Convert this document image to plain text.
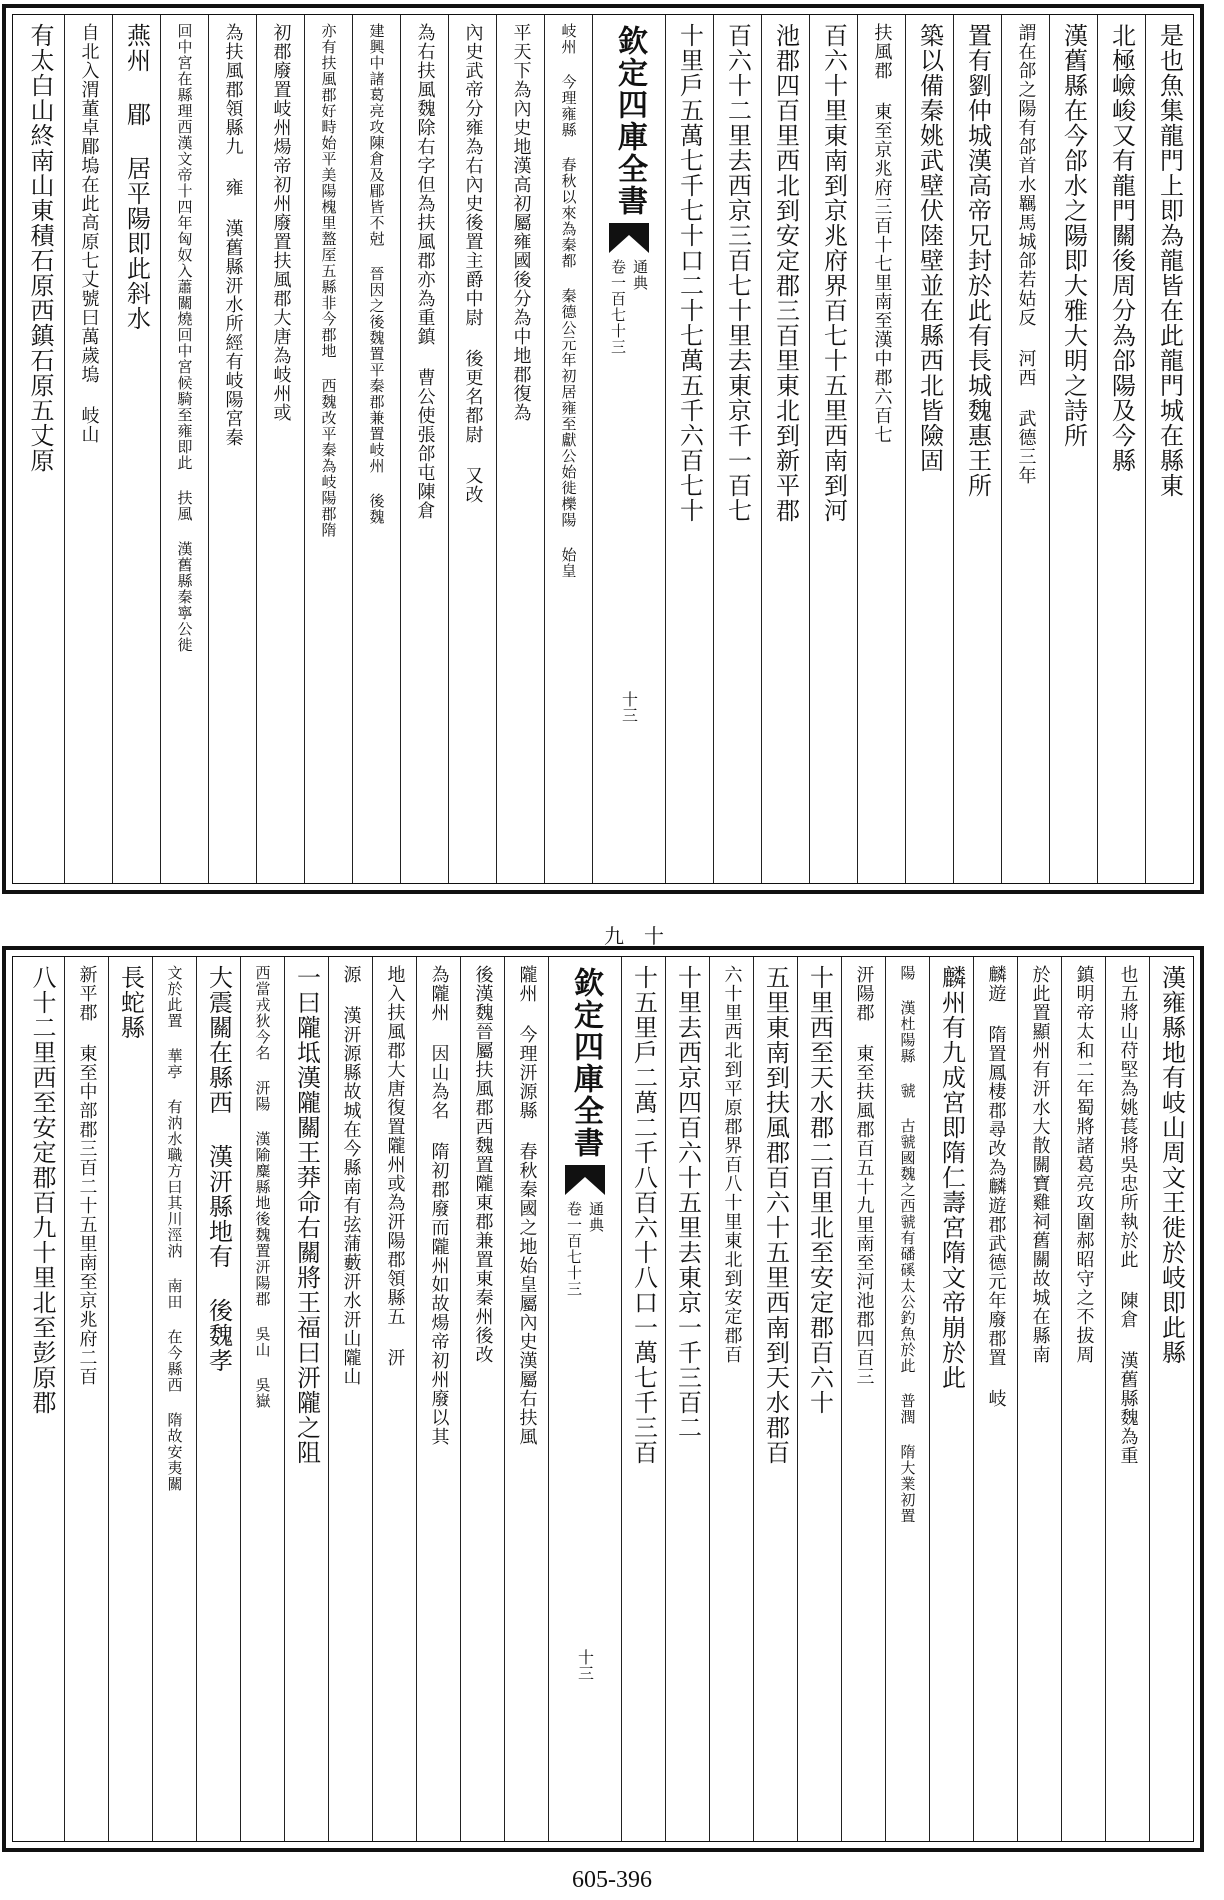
是也魚集龍門上即為龍皆在此龍門城在縣東
北極嶮峻又有龍門關後周分為郃陽及今縣
漢舊縣在今郃水之陽即大雅大明之詩所
謂在郃之陽有郃首水羈馬城郃若姑反 河西 武德三年
置有劉仲城漢高帝兄封於此有長城魏惠王所
築以備秦姚武壁伏陸壁並在縣西北皆險固
扶風郡 東至京兆府三百十七里南至漢中郡六百七
百六十里東南到京兆府界百七十五里西南到河
池郡四百里西北到安定郡三百里東北到新平郡
百六十二里去西京三百七十里去東京千一百七
十里戶五萬七千七十口二十七萬五千六百七十
欽定四庫全書
通典
卷一百七十三
十三
岐州 今理雍縣 春秋以來為秦都 秦德公元年初居雍至獻公始徙櫟陽 始皇
平天下為內史地漢高初屬雍國後分為中地郡復為
內史武帝分雍為右內史後置主爵中尉 後更名都尉 又改
為右扶風魏除右字但為扶風郡亦為重鎮 曹公使張郃屯陳倉
建興中諸葛亮攻陳倉及郿皆不尅 晉因之後魏置平秦郡兼置岐州 後魏
亦有扶風郡好畤始平美陽槐里盩厔五縣非今郡地 西魏改平秦為岐陽郡隋
初郡廢置岐州煬帝初州廢置扶風郡大唐為岐州或
為扶風郡領縣九 雍 漢舊縣汧水所經有岐陽宮秦
回中宮在縣理西漢文帝十四年匈奴入蕭關燒回中宮候騎至雍即此 扶風 漢舊縣秦寧公徙
燕州 郿 居平陽即此斜水
自北入渭董卓郿塢在此高原七丈號曰萬歲塢 岐山
有太白山終南山東積石原西鎮石原五丈原
九　十
漢雍縣地有岐山周文王徙於岐即此縣
也五將山苻堅為姚萇將吳忠所執於此 陳倉 漢舊縣魏為重
鎮明帝太和二年蜀將諸葛亮攻圍郝昭守之不拔周
於此置顯州有汧水大散關寶雞祠舊關故城在縣南
麟遊 隋置鳳棲郡尋改為麟遊郡武德元年廢郡置 岐
麟州有九成宮即隋仁壽宮隋文帝崩於此
陽 漢杜陽縣 虢 古虢國魏之西虢有磻磎太公釣魚於此 普潤 隋大業初置
汧陽郡 東至扶風郡百五十九里南至河池郡四百三
十里西至天水郡二百里北至安定郡百六十
五里東南到扶風郡百六十五里西南到天水郡百
六十里西北到平原郡界百八十里東北到安定郡百
十里去西京四百六十五里去東京一千三百二
十五里戶二萬二千八百六十八口一萬七千三百
欽定四庫全書
通典
卷一百七十三
十三
隴州 今理汧源縣 春秋秦國之地始皇屬內史漢屬右扶風
後漢魏晉屬扶風郡西魏置隴東郡兼置東秦州後改
為隴州 因山為名 隋初郡廢而隴州如故煬帝初州廢以其
地入扶風郡大唐復置隴州或為汧陽郡領縣五 汧
源 漢汧源縣故城在今縣南有弦蒲藪汧水汧山隴山
一曰隴坻漢隴關王莽命右關將王福曰汧隴之阻
西當戎狄今名 汧陽 漢隃麋縣地後魏置汧陽郡 吳山 吳嶽
大震關在縣西 漢汧縣地有 後魏孝
文於此置 華亭 有汭水職方曰其川涇汭 南田 在今縣西 隋故安夷關
長蛇縣
新平郡 東至中部郡三百二十五里南至京兆府二百
八十二里西至安定郡百九十里北至彭原郡
605-396
